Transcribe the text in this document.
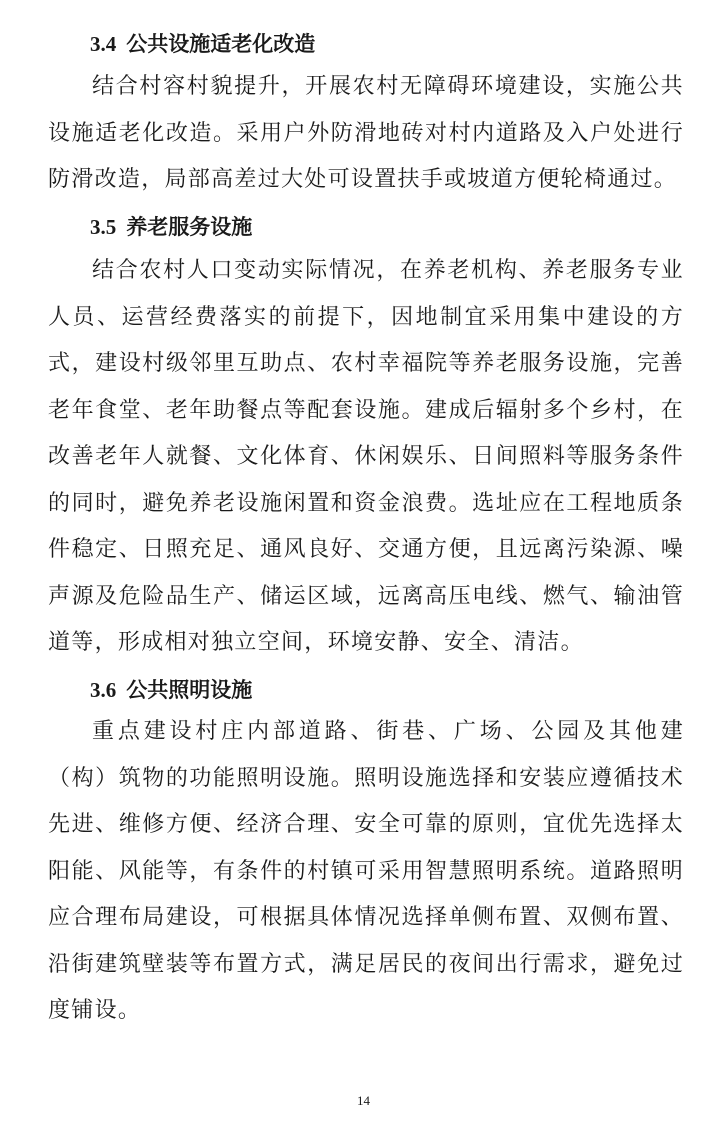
3.4 公共设施适老化改造

结合村容村貌提升，开展农村无障碍环境建设，实施公共设施适老化改造。采用户外防滑地砖对村内道路及入户处进行防滑改造，局部高差过大处可设置扶手或坡道方便轮椅通过。

3.5 养老服务设施

结合农村人口变动实际情况，在养老机构、养老服务专业人员、运营经费落实的前提下，因地制宜采用集中建设的方式，建设村级邻里互助点、农村幸福院等养老服务设施，完善老年食堂、老年助餐点等配套设施。建成后辐射多个乡村，在改善老年人就餐、文化体育、休闲娱乐、日间照料等服务条件的同时，避免养老设施闲置和资金浪费。选址应在工程地质条件稳定、日照充足、通风良好、交通方便，且远离污染源、噪声源及危险品生产、储运区域，远离高压电线、燃气、输油管道等，形成相对独立空间，环境安静、安全、清洁。

3.6 公共照明设施

重点建设村庄内部道路、街巷、广场、公园及其他建（构）筑物的功能照明设施。照明设施选择和安装应遵循技术先进、维修方便、经济合理、安全可靠的原则，宜优先选择太阳能、风能等，有条件的村镇可采用智慧照明系统。道路照明应合理布局建设，可根据具体情况选择单侧布置、双侧布置、沿街建筑壁装等布置方式，满足居民的夜间出行需求，避免过度铺设。

14
